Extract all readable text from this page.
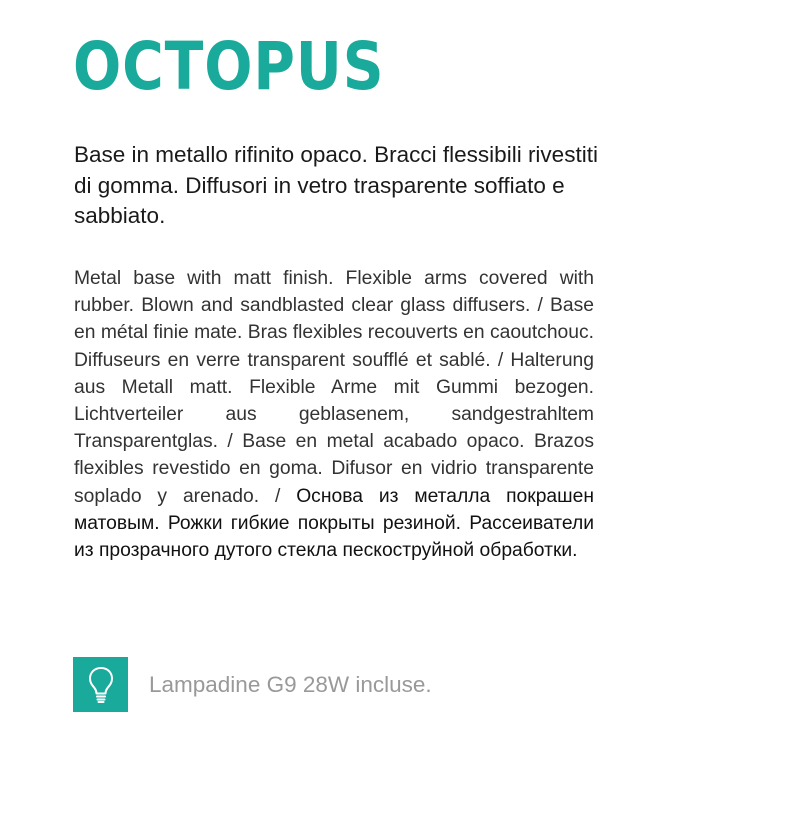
OCTOPUS

Base in metallo rifinito opaco. Bracci flessibili rivestiti di gomma. Diffusori in vetro trasparente soffiato e sabbiato.

Metal base with matt finish. Flexible arms covered with rubber. Blown and sandblasted clear glass diffusers. / Base en métal finie mate. Bras flexibles recouverts en caoutchouc. Diffuseurs en verre transparent soufflé et sablé. / Halterung aus Metall matt. Flexible Arme mit Gummi bezogen. Lichtverteiler aus geblasenem, sandgestrahltem Transparentglas. / Base en metal acabado opaco. Brazos flexibles revestido en goma. Difusor en vidrio transparente soplado y arenado. / Основа из металла покрашен матовым. Рожки гибкие покрыты резиной. Рассеиватели из прозрачного дутого стекла пескоструйной обработки.

Lampadine G9 28W incluse.
